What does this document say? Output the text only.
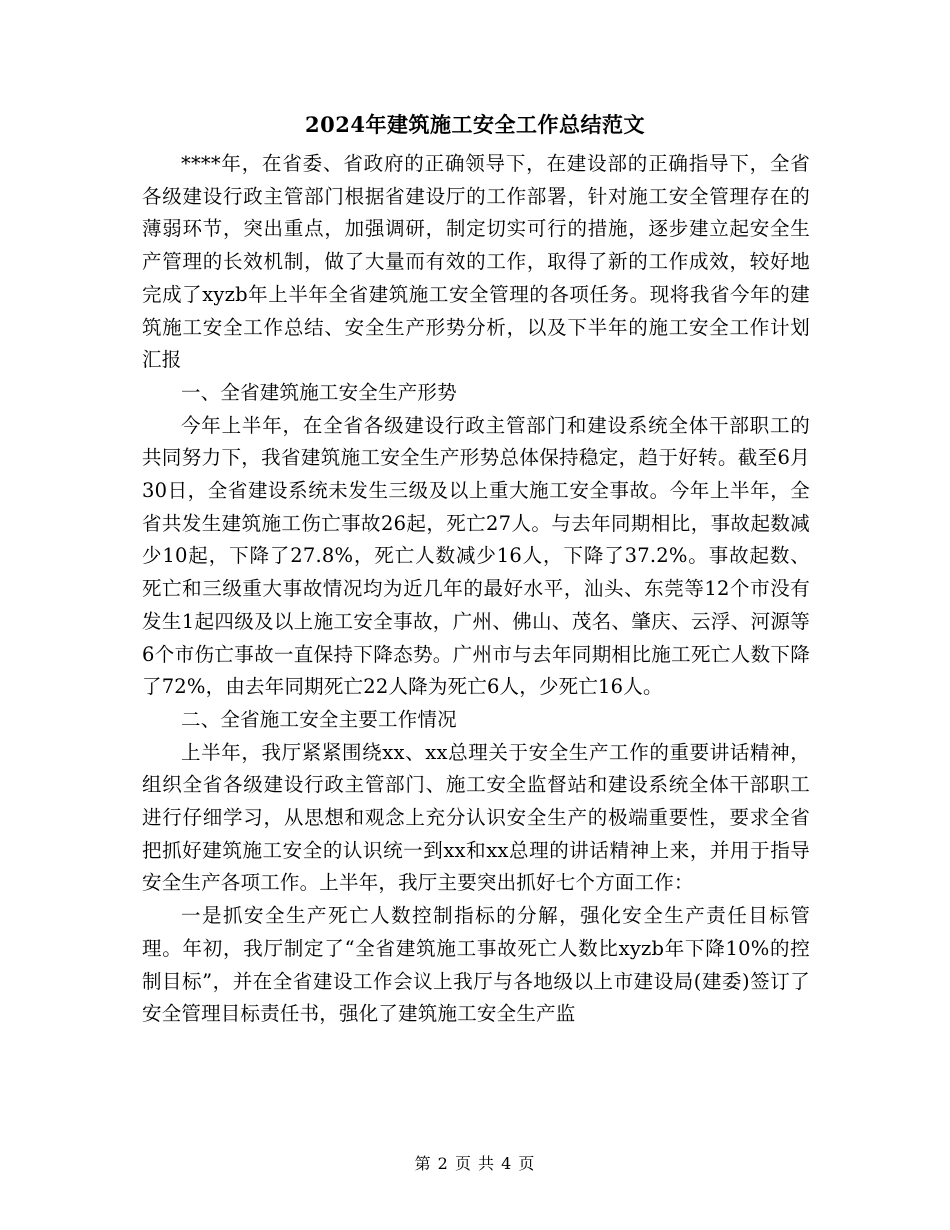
2024年建筑施工安全工作总结范文

****年，在省委、省政府的正确领导下，在建设部的正确指导下，全省各级建设行政主管部门根据省建设厅的工作部署，针对施工安全管理存在的薄弱环节，突出重点，加强调研，制定切实可行的措施，逐步建立起安全生产管理的长效机制，做了大量而有效的工作，取得了新的工作成效，较好地完成了xyzb年上半年全省建筑施工安全管理的各项任务。现将我省今年的建筑施工安全工作总结、安全生产形势分析，以及下半年的施工安全工作计划汇报

一、全省建筑施工安全生产形势

今年上半年，在全省各级建设行政主管部门和建设系统全体干部职工的共同努力下，我省建筑施工安全生产形势总体保持稳定，趋于好转。截至6月30日，全省建设系统未发生三级及以上重大施工安全事故。今年上半年，全省共发生建筑施工伤亡事故26起，死亡27人。与去年同期相比，事故起数减少10起，下降了27.8%，死亡人数减少16人，下降了37.2%。事故起数、死亡和三级重大事故情况均为近几年的最好水平，汕头、东莞等12个市没有发生1起四级及以上施工安全事故，广州、佛山、茂名、肇庆、云浮、河源等6个市伤亡事故一直保持下降态势。广州市与去年同期相比施工死亡人数下降了72%，由去年同期死亡22人降为死亡6人，少死亡16人。

二、全省施工安全主要工作情况

上半年，我厅紧紧围绕xx、xx总理关于安全生产工作的重要讲话精神，组织全省各级建设行政主管部门、施工安全监督站和建设系统全体干部职工进行仔细学习，从思想和观念上充分认识安全生产的极端重要性，要求全省把抓好建筑施工安全的认识统一到xx和xx总理的讲话精神上来，并用于指导安全生产各项工作。上半年，我厅主要突出抓好七个方面工作：

一是抓安全生产死亡人数控制指标的分解，强化安全生产责任目标管理。年初，我厅制定了“全省建筑施工事故死亡人数比xyzb年下降10%的控制目标”，并在全省建设工作会议上我厅与各地级以上市建设局(建委)签订了安全管理目标责任书，强化了建筑施工安全生产监

第 2 页 共 4 页
